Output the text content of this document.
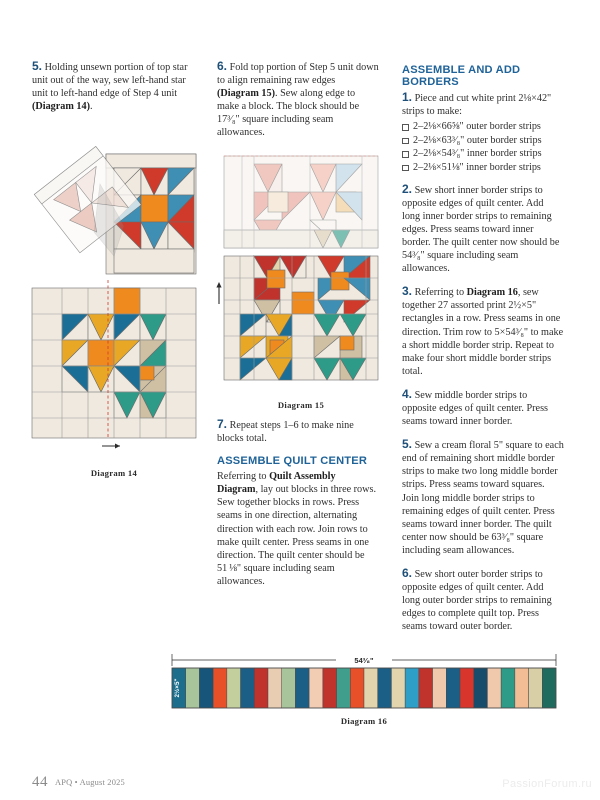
5. Holding unsewn portion of top star unit out of the way, sew left-hand star unit to left-hand edge of Step 4 unit (Diagram 14).

Diagram 14

6. Fold top portion of Step 5 unit down to align remaining raw edges (Diagram 15). Sew along edge to make a block. The block should be 17³⁄₈" square including seam allowances.

Diagram 15

7. Repeat steps 1–6 to make nine blocks total.

ASSEMBLE QUILT CENTER

Referring to Quilt Assembly Diagram, lay out blocks in three rows. Sew together blocks in rows. Press seams in one direction, alternating direction with each row. Join rows to make quilt center. Press seams in one direction. The quilt center should be 51 ⅛" square including seam allowances.

ASSEMBLE AND ADD BORDERS

1. Piece and cut white print 2⅛×42" strips to make:

2–2⅛×66⅝" outer border strips
2–2⅛×63³⁄₈" outer border strips
2–2⅛×54³⁄₈" inner border strips
2–2⅛×51⅛" inner border strips

2. Sew short inner border strips to opposite edges of quilt center. Add long inner border strips to remaining edges. Press seams toward inner border. The quilt center now should be 54³⁄₈" square including seam allowances.

3. Referring to Diagram 16, sew together 27 assorted print 2½×5" rectangles in a row. Press seams in one direction. Trim row to 5×54³⁄₈" to make a short middle border strip. Repeat to make four short middle border strips total.

4. Sew middle border strips to opposite edges of quilt center. Press seams toward inner border.

5. Sew a cream floral 5" square to each end of remaining short middle border strips to make two long middle border strips. Press seams toward squares. Join long middle border strips to remaining edges of quilt center. Press seams toward inner border. The quilt center now should be 63³⁄₈" square including seam allowances.

6. Sew short outer border strips to opposite edges of quilt center. Add long outer border strips to remaining edges to complete quilt top. Press seams toward outer border.

54³⁄₈"
2½×5"
Diagram 16
44 APQ • August 2025	PassionForum.ru
